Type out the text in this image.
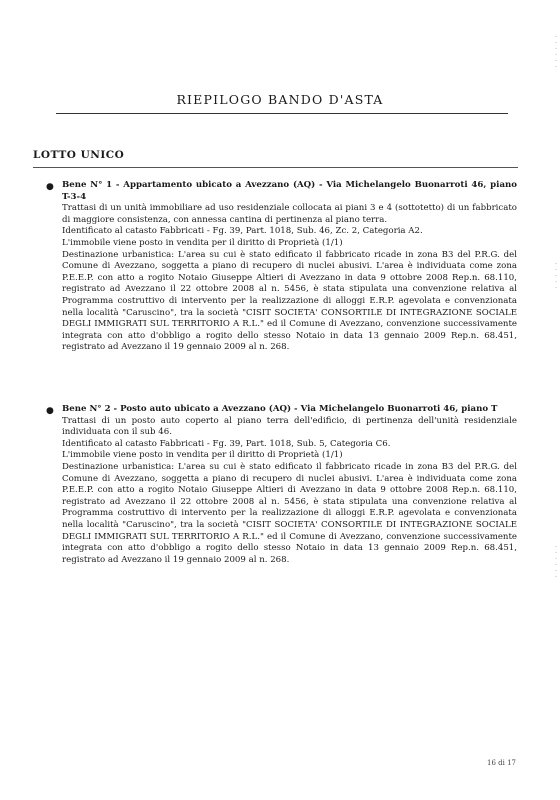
RIEPILOGO BANDO D'ASTA
LOTTO UNICO
● Bene N° 1 - Appartamento ubicato a Avezzano (AQ) - Via Michelangelo Buonarroti 46, piano T-3-4

Trattasi di un unità immobiliare ad uso residenziale collocata ai piani 3 e 4 (sottotetto) di un fabbricato di maggiore consistenza, con annessa cantina di pertinenza al piano terra.

Identificato al catasto Fabbricati - Fg. 39, Part. 1018, Sub. 46, Zc. 2, Categoria A2.

L'immobile viene posto in vendita per il diritto di Proprietà (1/1)

Destinazione urbanistica: L'area su cui è stato edificato il fabbricato ricade in zona B3 del P.R.G. del Comune di Avezzano, soggetta a piano di recupero di nuclei abusivi. L'area è individuata come zona P.E.E.P. con atto a rogito Notaio Giuseppe Altieri di Avezzano in data 9 ottobre 2008 Rep.n. 68.110, registrato ad Avezzano il 22 ottobre 2008 al n. 5456, è stata stipulata una convenzione relativa al Programma costruttivo di intervento per la realizzazione di alloggi E.R.P. agevolata e convenzionata nella località "Caruscino", tra la società "CISIT SOCIETA' CONSORTILE DI INTEGRAZIONE SOCIALE DEGLI IMMIGRATI SUL TERRITORIO A R.L." ed il Comune di Avezzano, convenzione successivamente integrata con atto d'obbligo a rogito dello stesso Notaio in data 13 gennaio 2009 Rep.n. 68.451, registrato ad Avezzano il 19 gennaio 2009 al n. 268.

● Bene N° 2 - Posto auto ubicato a Avezzano (AQ) - Via Michelangelo Buonarroti 46, piano T

Trattasi di un posto auto coperto al piano terra dell'edificio, di pertinenza dell'unità residenziale individuata con il sub 46.

Identificato al catasto Fabbricati - Fg. 39, Part. 1018, Sub. 5, Categoria C6.

L'immobile viene posto in vendita per il diritto di Proprietà (1/1)

Destinazione urbanistica: L'area su cui è stato edificato il fabbricato ricade in zona B3 del P.R.G. del Comune di Avezzano, soggetta a piano di recupero di nuclei abusivi. L'area è individuata come zona P.E.E.P. con atto a rogito Notaio Giuseppe Altieri di Avezzano in data 9 ottobre 2008 Rep.n. 68.110, registrato ad Avezzano il 22 ottobre 2008 al n. 5456, è stata stipulata una convenzione relativa al Programma costruttivo di intervento per la realizzazione di alloggi E.R.P. agevolata e convenzionata nella località "Caruscino", tra la società "CISIT SOCIETA' CONSORTILE DI INTEGRAZIONE SOCIALE DEGLI IMMIGRATI SUL TERRITORIO A R.L." ed il Comune di Avezzano, convenzione successivamente integrata con atto d'obbligo a rogito dello stesso Notaio in data 13 gennaio 2009 Rep.n. 68.451, registrato ad Avezzano il 19 gennaio 2009 al n. 268.

16 di 17
·
·
·
·
·
·
·
·
·
·
·
·
·
·
·
·
·
